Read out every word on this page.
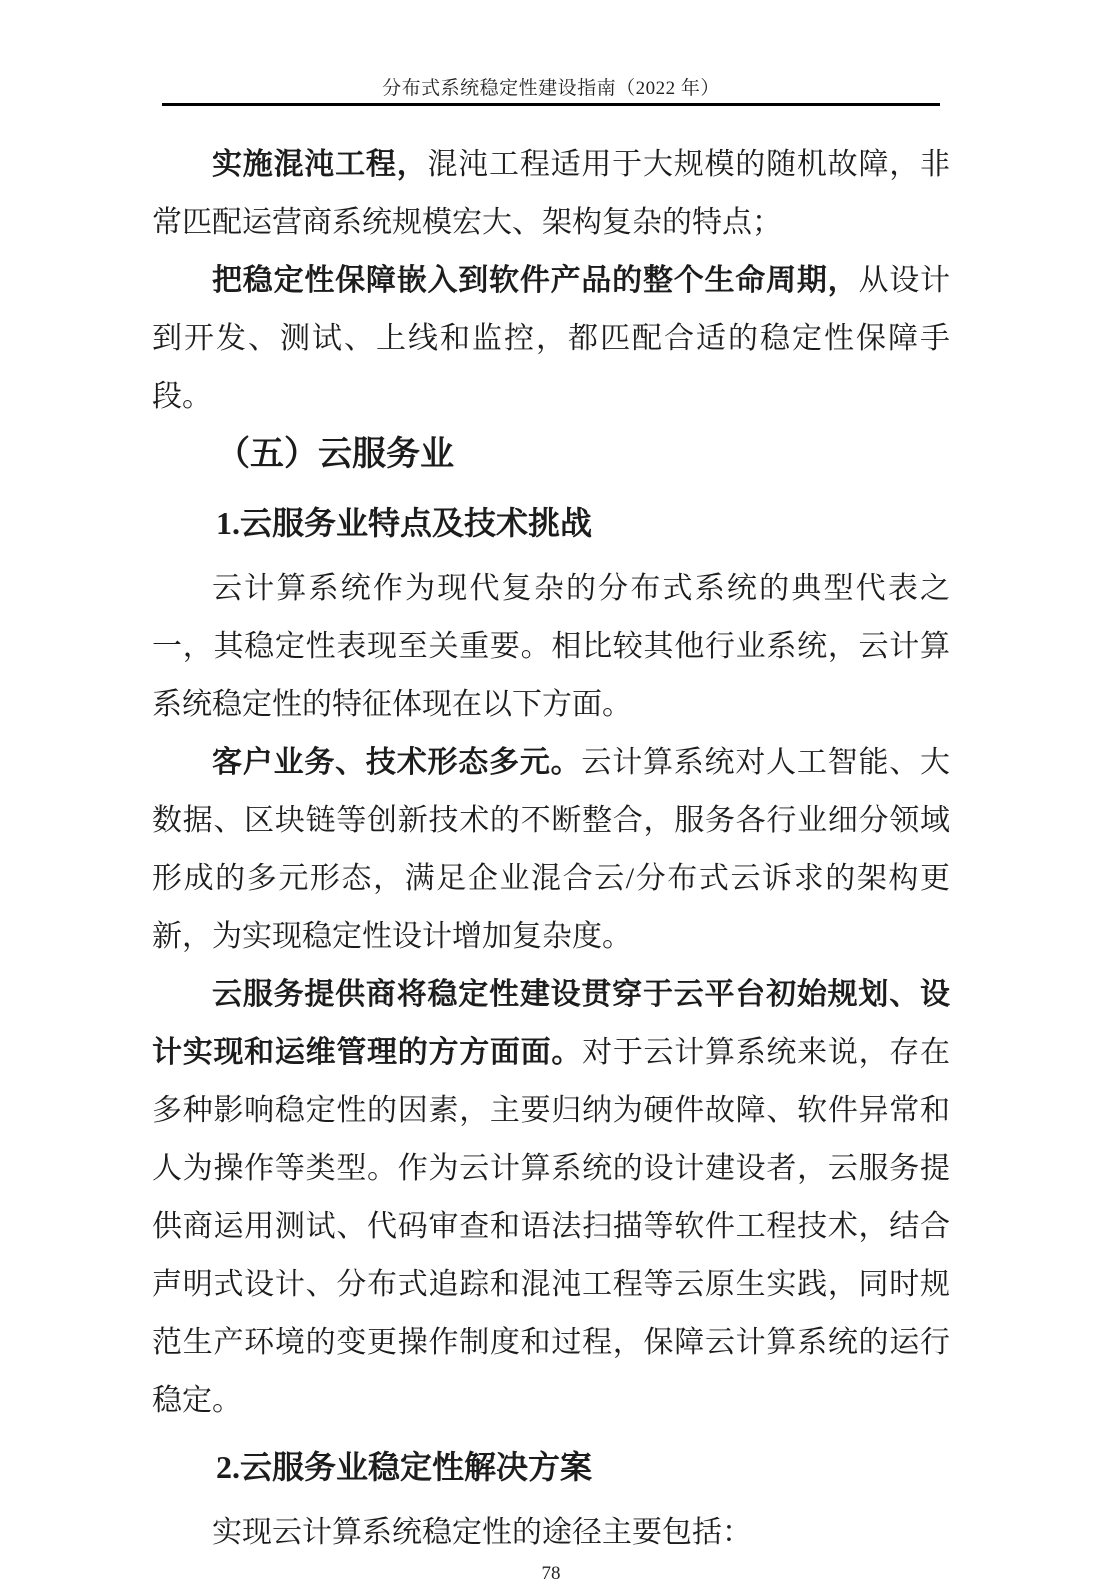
分布式系统稳定性建设指南（2022 年）

实施混沌工程，混沌工程适用于大规模的随机故障，非常匹配运营商系统规模宏大、架构复杂的特点；

把稳定性保障嵌入到软件产品的整个生命周期，从设计到开发、测试、上线和监控，都匹配合适的稳定性保障手段。

（五）云服务业
1.云服务业特点及技术挑战

云计算系统作为现代复杂的分布式系统的典型代表之一，其稳定性表现至关重要。相比较其他行业系统，云计算系统稳定性的特征体现在以下方面。

客户业务、技术形态多元。云计算系统对人工智能、大数据、区块链等创新技术的不断整合，服务各行业细分领域形成的多元形态，满足企业混合云/分布式云诉求的架构更新，为实现稳定性设计增加复杂度。

云服务提供商将稳定性建设贯穿于云平台初始规划、设计实现和运维管理的方方面面。对于云计算系统来说，存在多种影响稳定性的因素，主要归纳为硬件故障、软件异常和人为操作等类型。作为云计算系统的设计建设者，云服务提供商运用测试、代码审查和语法扫描等软件工程技术，结合声明式设计、分布式追踪和混沌工程等云原生实践，同时规范生产环境的变更操作制度和过程，保障云计算系统的运行稳定。

2.云服务业稳定性解决方案

实现云计算系统稳定性的途径主要包括：

78
